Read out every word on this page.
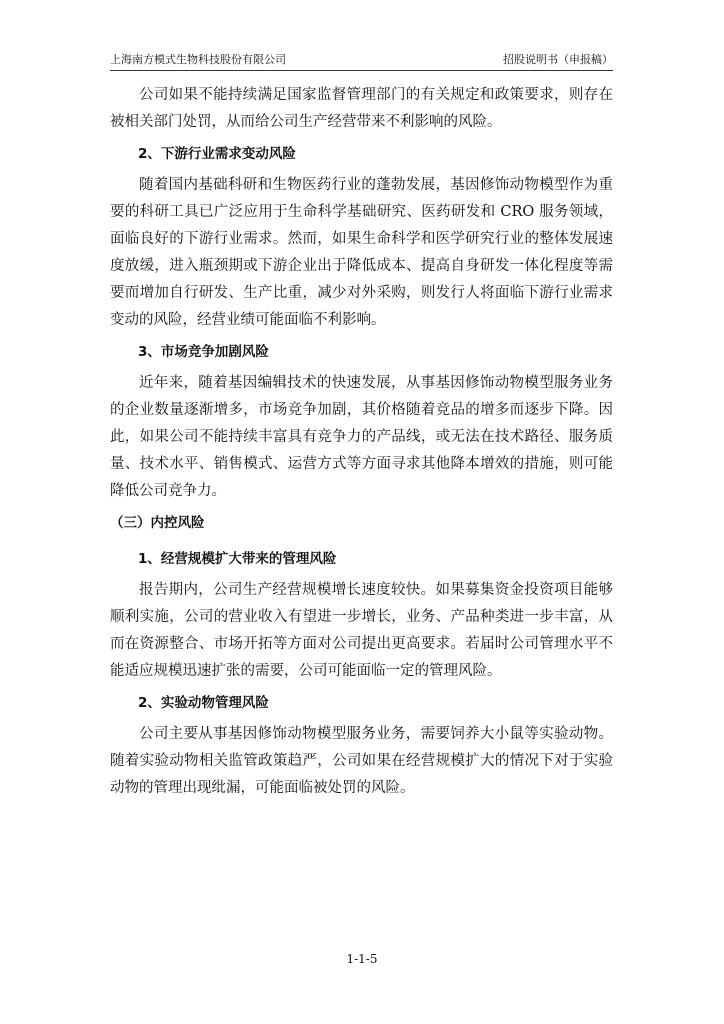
上海南方模式生物科技股份有限公司	招股说明书（申报稿）

公司如果不能持续满足国家监督管理部门的有关规定和政策要求，则存在被相关部门处罚，从而给公司生产经营带来不利影响的风险。

2、下游行业需求变动风险

随着国内基础科研和生物医药行业的蓬勃发展，基因修饰动物模型作为重要的科研工具已广泛应用于生命科学基础研究、医药研发和 CRO 服务领域，面临良好的下游行业需求。然而，如果生命科学和医学研究行业的整体发展速度放缓，进入瓶颈期或下游企业出于降低成本、提高自身研发一体化程度等需要而增加自行研发、生产比重，减少对外采购，则发行人将面临下游行业需求变动的风险，经营业绩可能面临不利影响。

3、市场竞争加剧风险

近年来，随着基因编辑技术的快速发展，从事基因修饰动物模型服务业务的企业数量逐渐增多，市场竞争加剧，其价格随着竞品的增多而逐步下降。因此，如果公司不能持续丰富具有竞争力的产品线，或无法在技术路径、服务质量、技术水平、销售模式、运营方式等方面寻求其他降本增效的措施，则可能降低公司竞争力。

（三）内控风险
1、经营规模扩大带来的管理风险

报告期内，公司生产经营规模增长速度较快。如果募集资金投资项目能够顺利实施，公司的营业收入有望进一步增长，业务、产品种类进一步丰富，从而在资源整合、市场开拓等方面对公司提出更高要求。若届时公司管理水平不能适应规模迅速扩张的需要，公司可能面临一定的管理风险。

2、实验动物管理风险

公司主要从事基因修饰动物模型服务业务，需要饲养大小鼠等实验动物。随着实验动物相关监管政策趋严，公司如果在经营规模扩大的情况下对于实验动物的管理出现纰漏，可能面临被处罚的风险。

1-1-5
